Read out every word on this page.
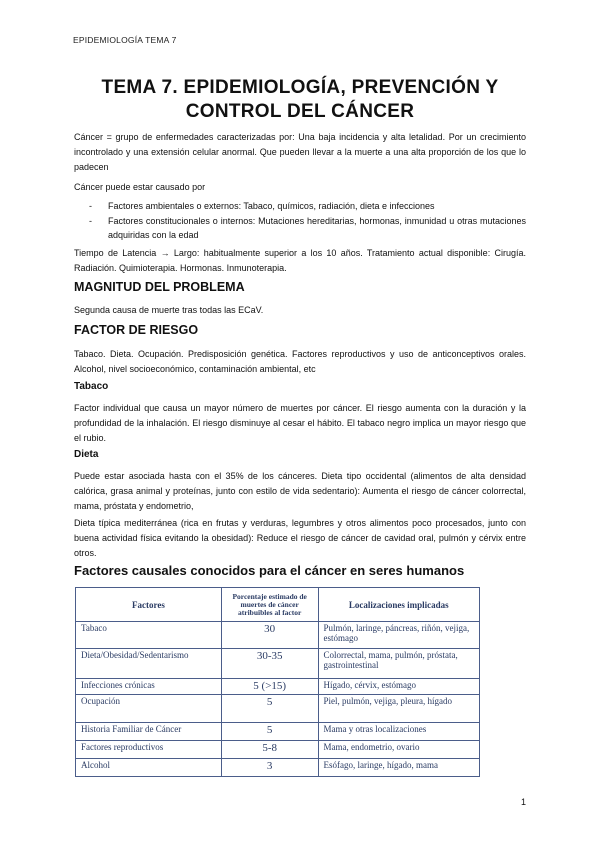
EPIDEMIOLOGÍA TEMA 7
TEMA 7. EPIDEMIOLOGÍA, PREVENCIÓN Y
CONTROL DEL CÁNCER
Cáncer = grupo de enfermedades caracterizadas por: Una baja incidencia y alta letalidad. Por un crecimiento incontrolado y una extensión celular anormal. Que pueden llevar a la muerte a una alta proporción de los que lo padecen
Cáncer puede estar causado por
- Factores ambientales o externos: Tabaco, químicos, radiación, dieta e infecciones
- Factores constitucionales o internos: Mutaciones hereditarias, hormonas, inmunidad u otras mutaciones adquiridas con la edad
Tiempo de Latencia → Largo: habitualmente superior a los 10 años. Tratamiento actual disponible: Cirugía. Radiación. Quimioterapia. Hormonas. Inmunoterapia.
MAGNITUD DEL PROBLEMA
Segunda causa de muerte tras todas las ECaV.
FACTOR DE RIESGO
Tabaco. Dieta. Ocupación. Predisposición genética. Factores reproductivos y uso de anticonceptivos orales. Alcohol, nivel socioeconómico, contaminación ambiental, etc
Tabaco
Factor individual que causa un mayor número de muertes por cáncer. El riesgo aumenta con la duración y la profundidad de la inhalación. El riesgo disminuye al cesar el hábito. El tabaco negro implica un mayor riesgo que el rubio.
Dieta
Puede estar asociada hasta con el 35% de los cánceres. Dieta tipo occidental (alimentos de alta densidad calórica, grasa animal y proteínas, junto con estilo de vida sedentario): Aumenta el riesgo de cáncer colorrectal, mama, próstata y endometrio,
Dieta típica mediterránea (rica en frutas y verduras, legumbres y otros alimentos poco procesados, junto con buena actividad física evitando la obesidad): Reduce el riesgo de cáncer de cavidad oral, pulmón y cérvix entre otros.
Factores causales conocidos para el cáncer en seres humanos
Factores	Porcentaje estimado de muertes de cáncer atribuibles al factor	Localizaciones implicadas
Tabaco	30	Pulmón, laringe, páncreas, riñón, vejiga, estómago
Dieta/Obesidad/Sedentarismo	30-35	Colorrectal, mama, pulmón, próstata, gastrointestinal
Infecciones crónicas	5 (>15)	Hígado, cérvix, estómago
Ocupación	5	Piel, pulmón, vejiga, pleura, hígado
Historia Familiar de Cáncer	5	Mama y otras localizaciones
Factores reproductivos	5-8	Mama, endometrio, ovario
Alcohol	3	Esófago, laringe, hígado, mama
1
